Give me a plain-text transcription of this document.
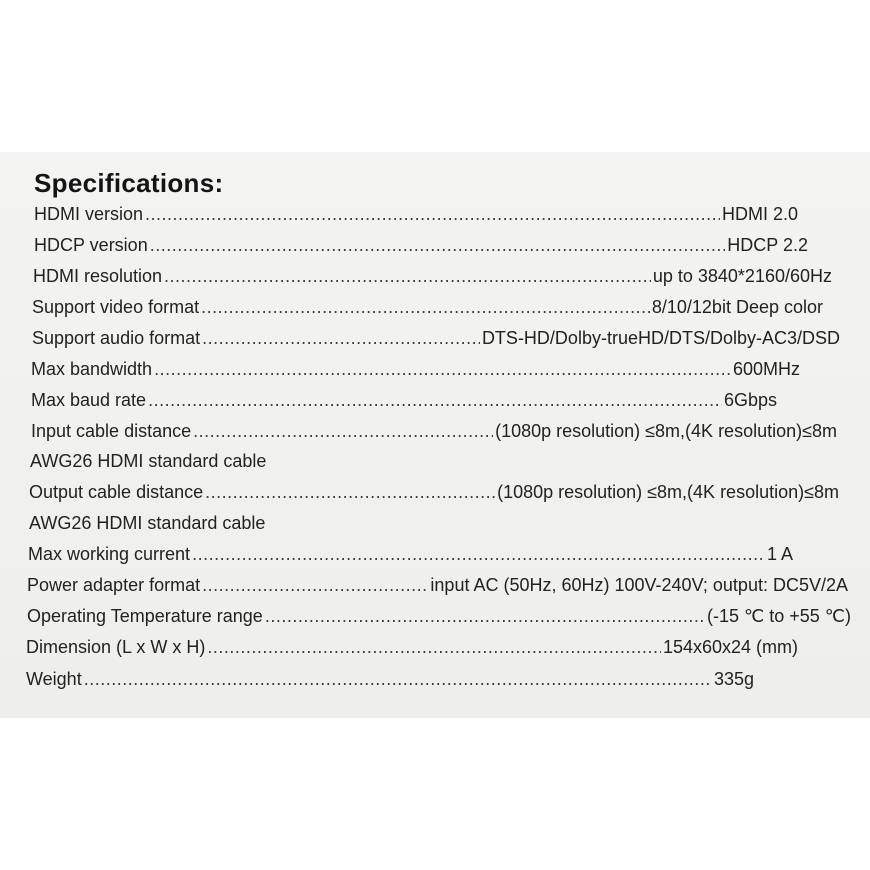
Specifications:
HDMI version .....	HDMI 2.0
HDCP version .....	HDCP 2.2
HDMI resolution .....	up to 3840*2160/60Hz
Support video format .....	8/10/12bit Deep color
Support audio format .....	DTS-HD/Dolby-trueHD/DTS/Dolby-AC3/DSD
Max bandwidth .....	600MHz
Max baud rate .....	6Gbps
Input cable distance .....	(1080p resolution) ≤8m,(4K resolution)≤8m
AWG26 HDMI standard cable
Output cable distance .....	(1080p resolution) ≤8m,(4K resolution)≤8m
AWG26 HDMI standard cable
Max working current .....	1 A
Power adapter format .....	input AC (50Hz, 60Hz) 100V-240V; output: DC5V/2A
Operating Temperature range .....	(-15 ℃ to +55 ℃)
Dimension (L x W x H) .....	154x60x24 (mm)
Weight .....	335g
